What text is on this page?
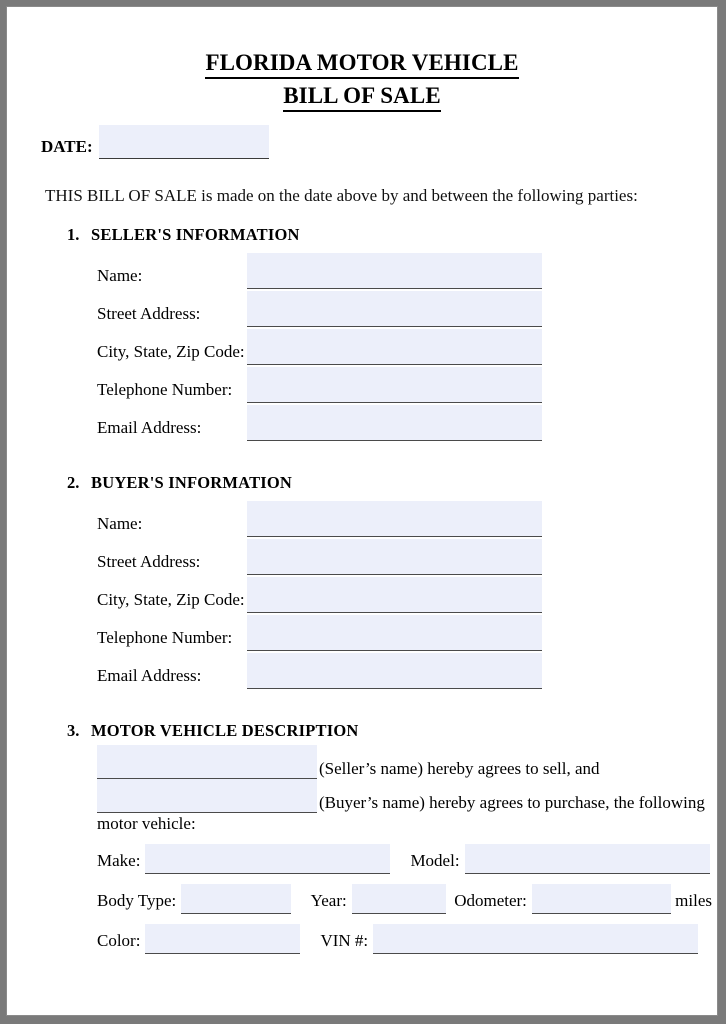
FLORIDA MOTOR VEHICLE
BILL OF SALE
DATE:
THIS BILL OF SALE is made on the date above by and between the following parties:
1. SELLER'S INFORMATION
Name:
Street Address:
City, State, Zip Code:
Telephone Number:
Email Address:
2. BUYER'S INFORMATION
Name:
Street Address:
City, State, Zip Code:
Telephone Number:
Email Address:
3. MOTOR VEHICLE DESCRIPTION
(Seller’s name) hereby agrees to sell, and
(Buyer’s name) hereby agrees to purchase, the following
motor vehicle:
Make:	Model:
Body Type:	Year:	Odometer:	miles
Color:	VIN #:
